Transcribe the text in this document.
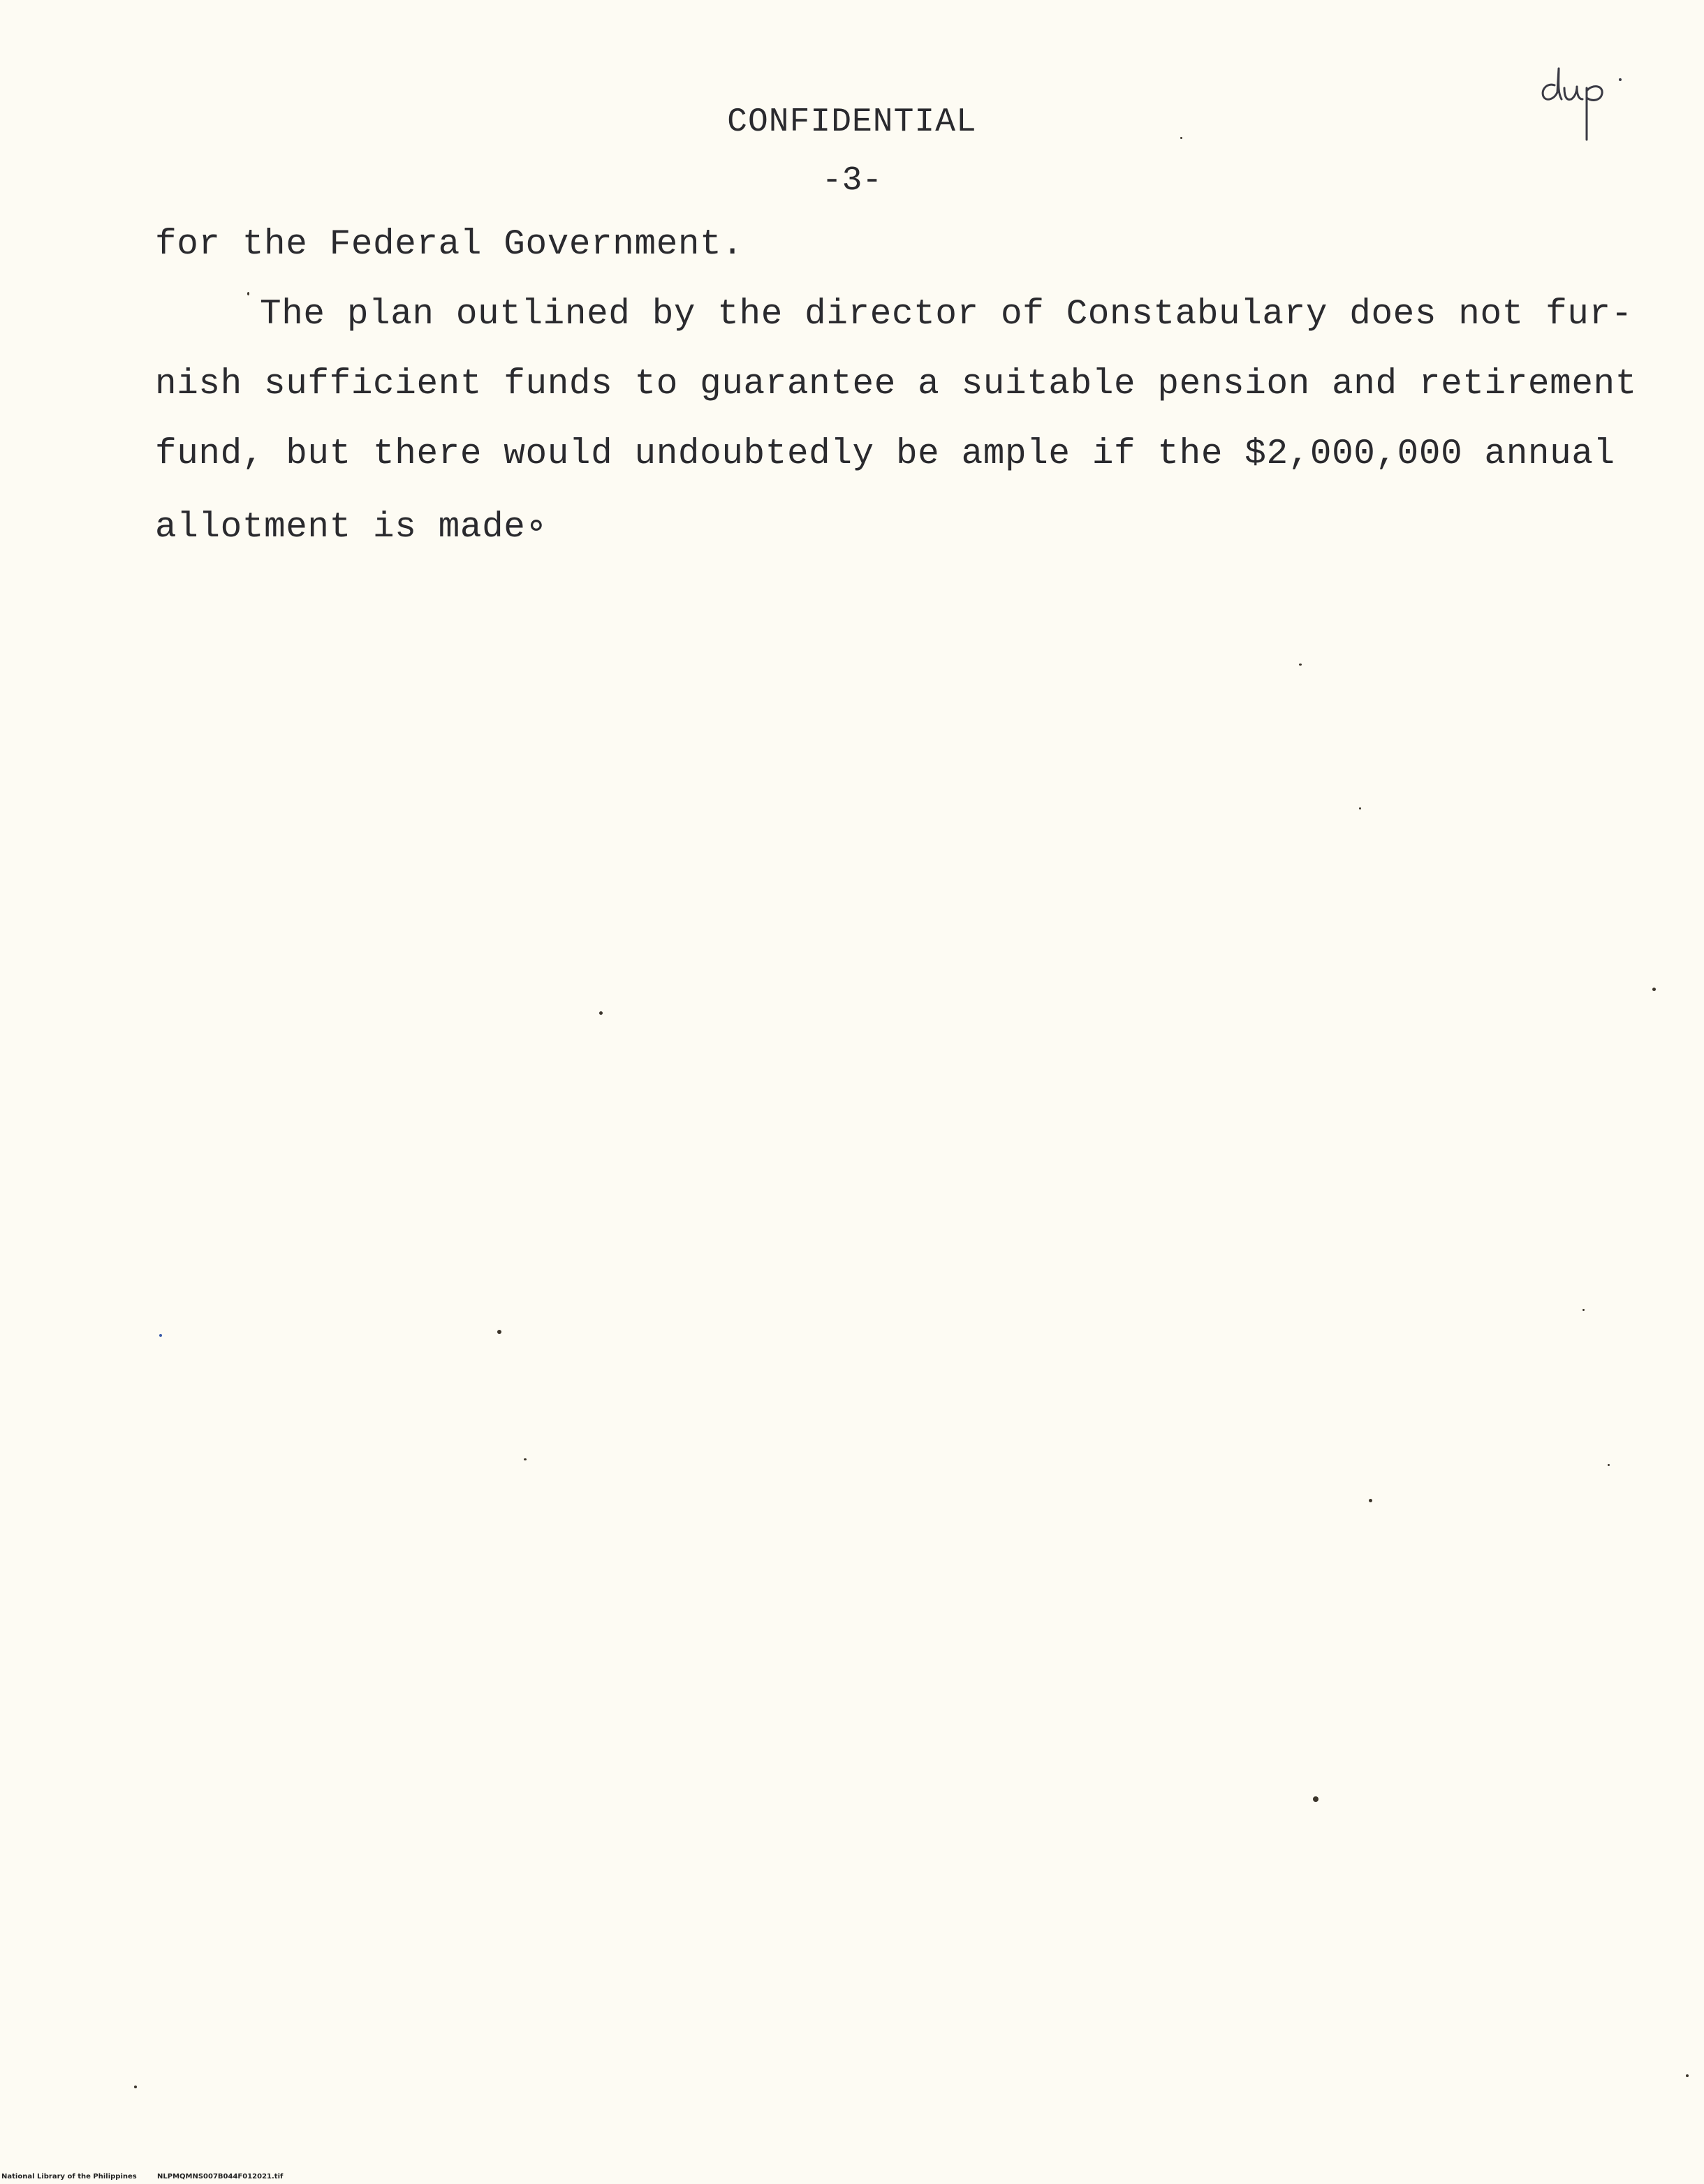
CONFIDENTIAL
-3-
for the Federal Government.
The plan outlined by the director of Constabulary does not fur-
nish sufficient funds to guarantee a suitable pension and retirement
fund, but there would undoubtedly be ample if the $2,000,000 annual
allotment is made∘
National Library of the Philippines	NLPMQMNS007B044F012021.tif
